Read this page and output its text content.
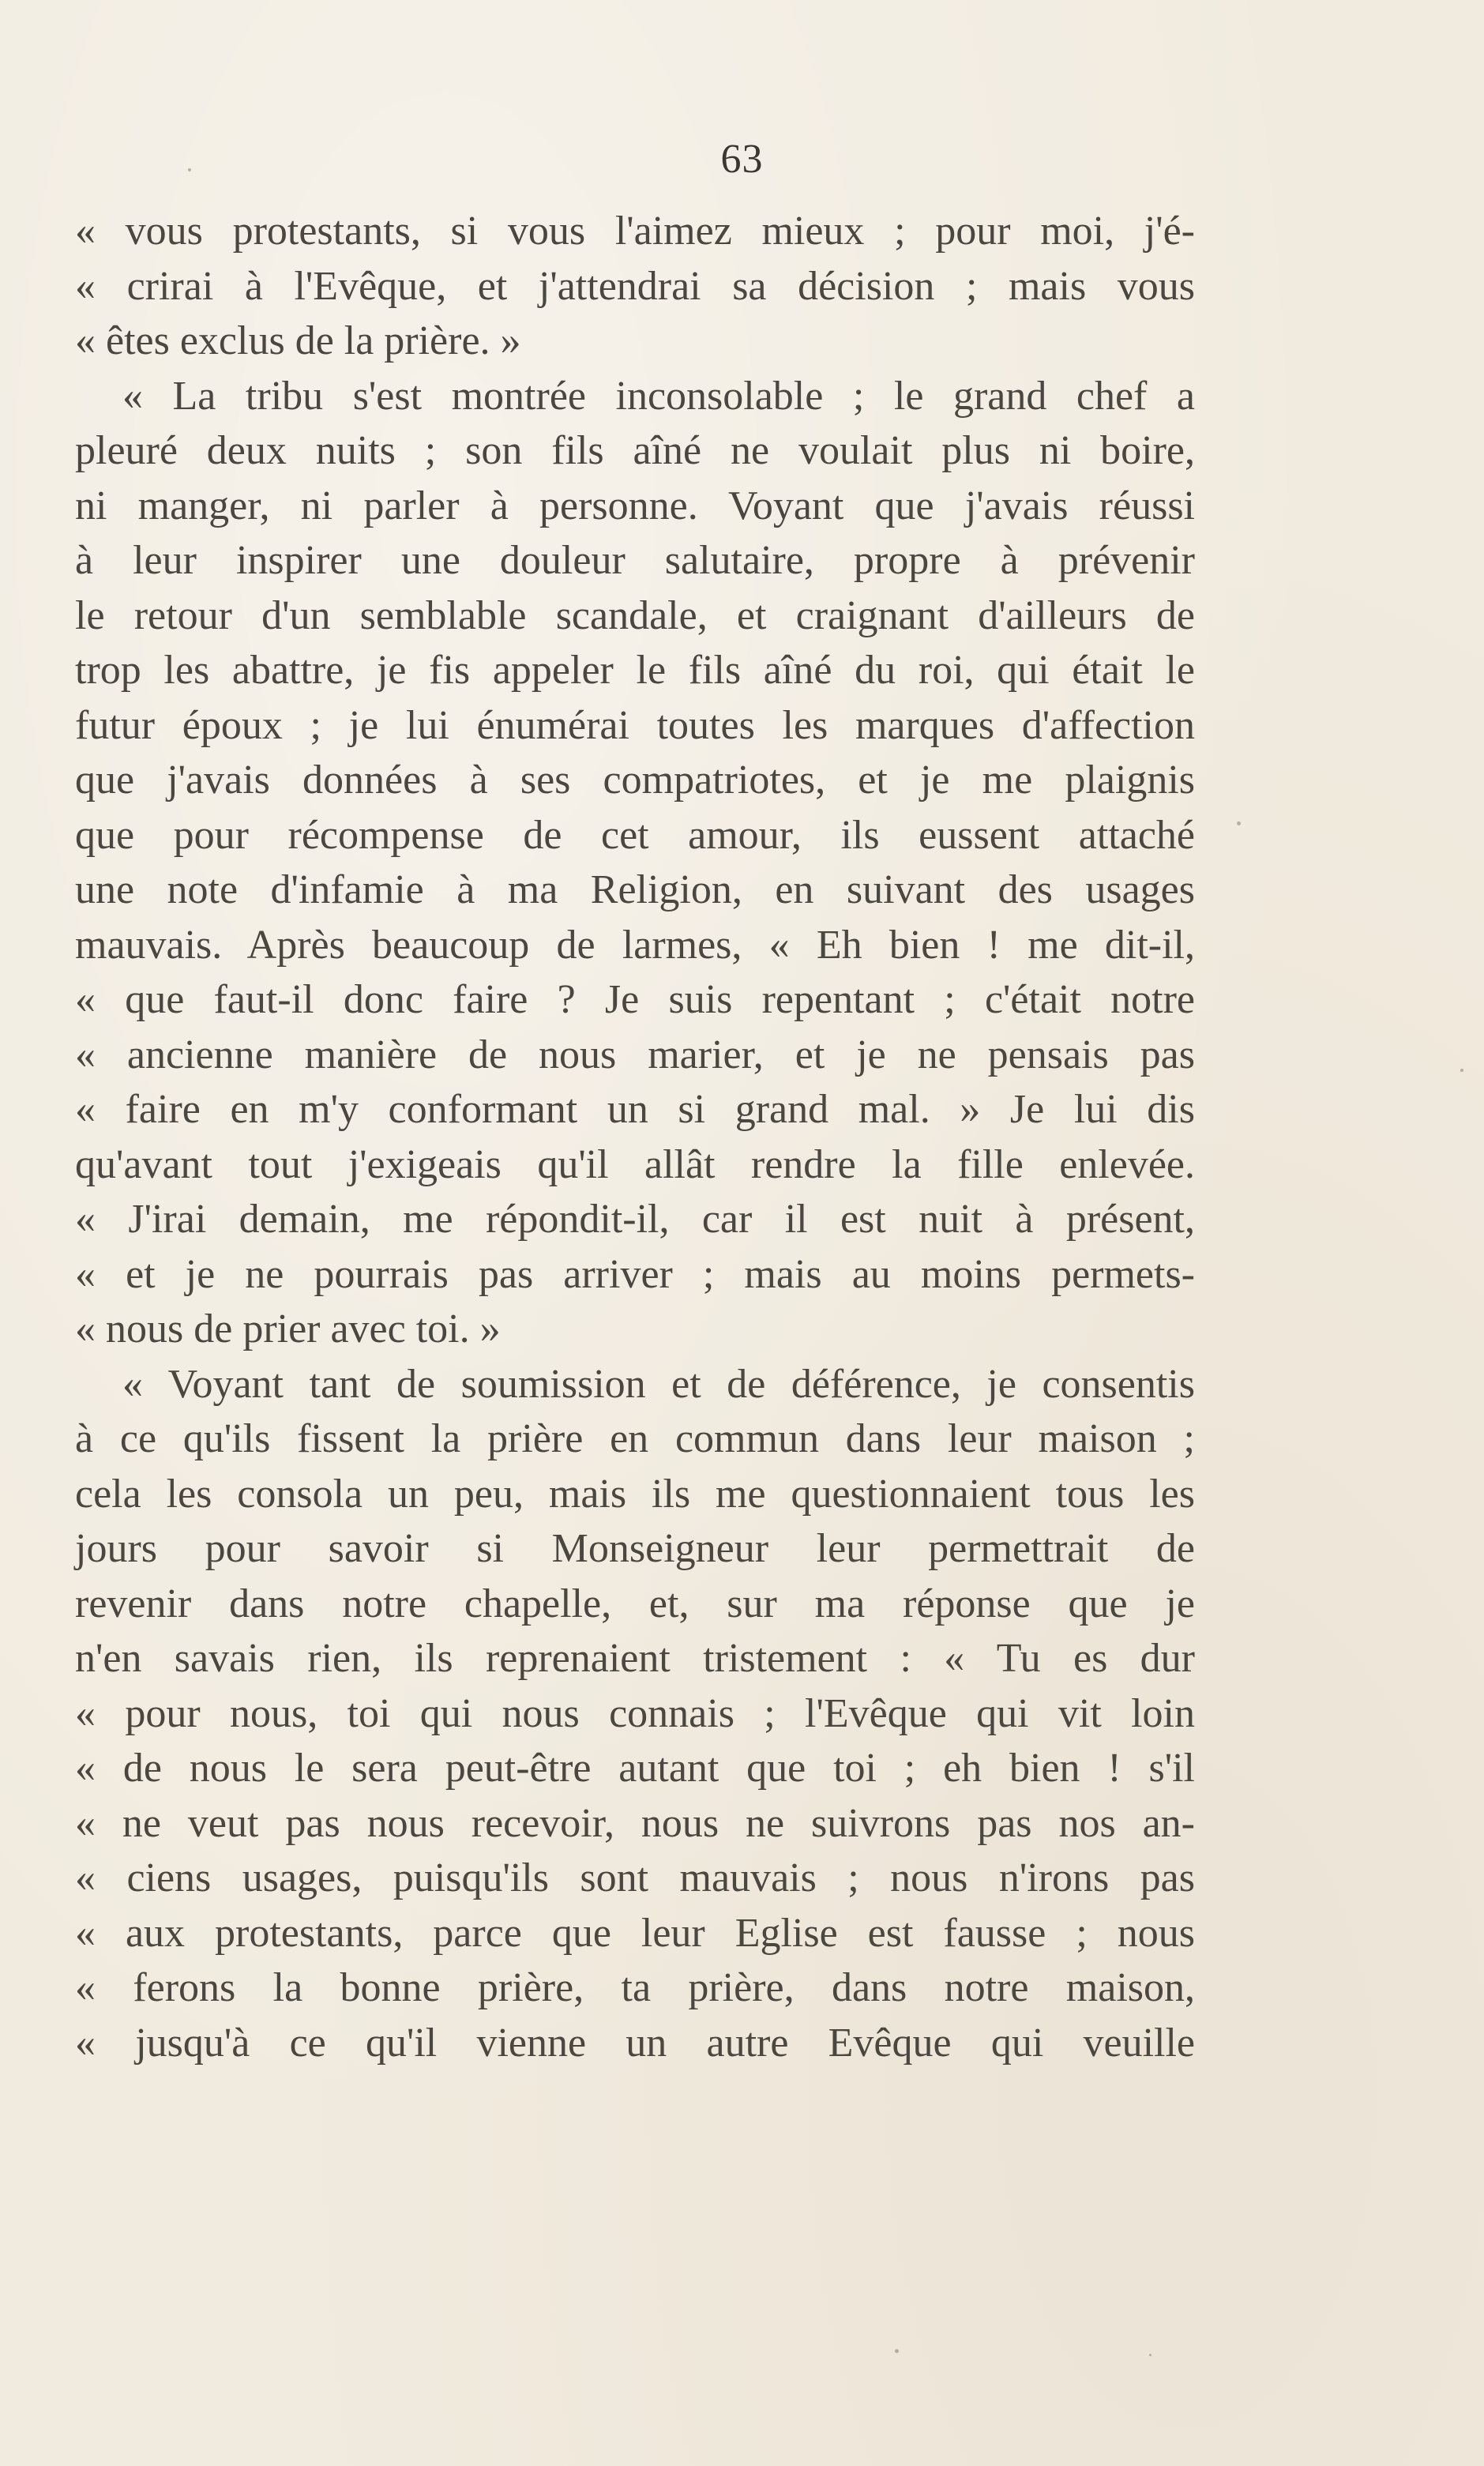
63
« vous protestants, si vous l'aimez mieux ; pour moi, j'é-
« crirai à l'Evêque, et j'attendrai sa décision ; mais vous
« êtes exclus de la prière. »
« La tribu s'est montrée inconsolable ; le grand chef a
pleuré deux nuits ; son fils aîné ne voulait plus ni boire,
ni manger, ni parler à personne. Voyant que j'avais réussi
à leur inspirer une douleur salutaire, propre à prévenir
le retour d'un semblable scandale, et craignant d'ailleurs de
trop les abattre, je fis appeler le fils aîné du roi, qui était le
futur époux ; je lui énumérai toutes les marques d'affection
que j'avais données à ses compatriotes, et je me plaignis
que pour récompense de cet amour, ils eussent attaché
une note d'infamie à ma Religion, en suivant des usages
mauvais. Après beaucoup de larmes, « Eh bien ! me dit-il,
« que faut-il donc faire ? Je suis repentant ; c'était notre
« ancienne manière de nous marier, et je ne pensais pas
« faire en m'y conformant un si grand mal. » Je lui dis
qu'avant tout j'exigeais qu'il allât rendre la fille enlevée.
« J'irai demain, me répondit-il, car il est nuit à présent,
« et je ne pourrais pas arriver ; mais au moins permets-
« nous de prier avec toi. »
« Voyant tant de soumission et de déférence, je consentis
à ce qu'ils fissent la prière en commun dans leur maison ;
cela les consola un peu, mais ils me questionnaient tous les
jours pour savoir si Monseigneur leur permettrait de
revenir dans notre chapelle, et, sur ma réponse que je
n'en savais rien, ils reprenaient tristement : « Tu es dur
« pour nous, toi qui nous connais ; l'Evêque qui vit loin
« de nous le sera peut-être autant que toi ; eh bien ! s'il
« ne veut pas nous recevoir, nous ne suivrons pas nos an-
« ciens usages, puisqu'ils sont mauvais ; nous n'irons pas
« aux protestants, parce que leur Eglise est fausse ; nous
« ferons la bonne prière, ta prière, dans notre maison,
« jusqu'à ce qu'il vienne un autre Evêque qui veuille
